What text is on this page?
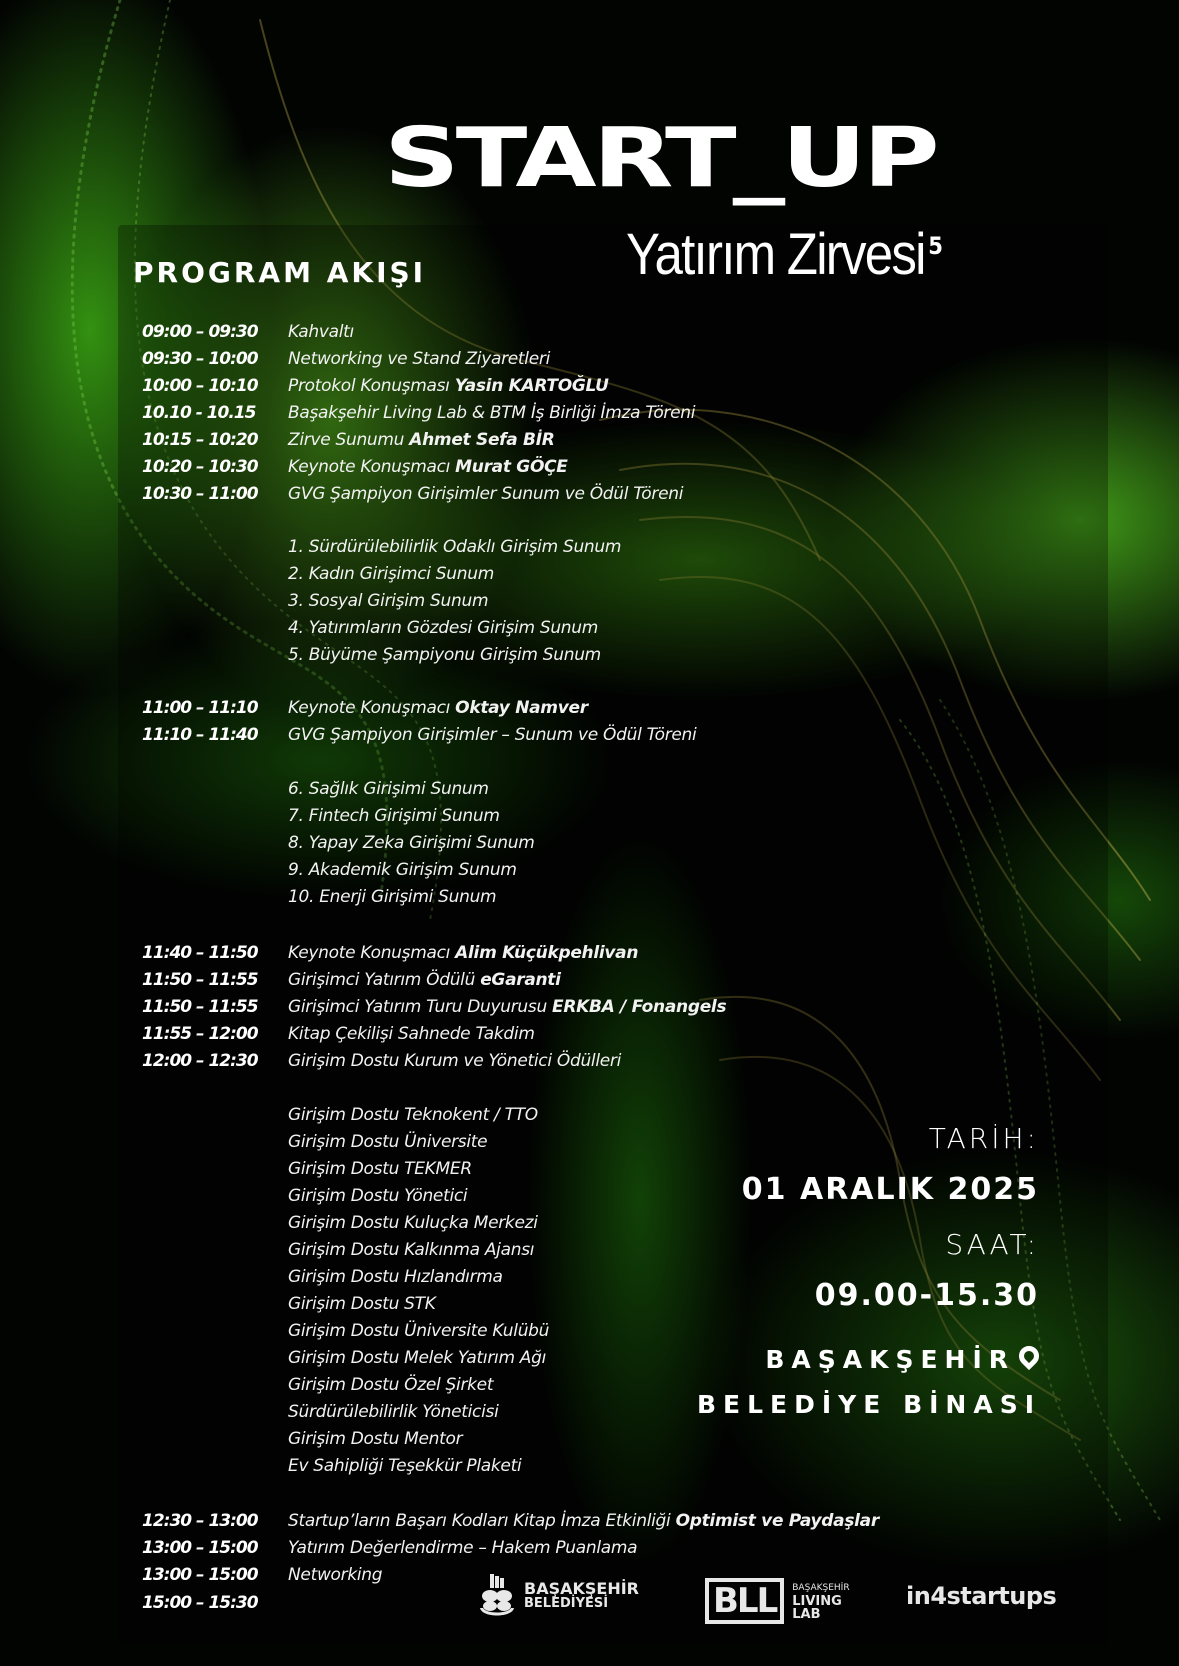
START_UP
Yatırım Zirvesi $^5$
PROGRAM AKIŞI
09:00 – 09:30 Kahvaltı
09:30 – 10:00 Networking ve Stand Ziyaretleri
10:00 – 10:10 Protokol Konuşması Yasin KARTOĞLU
10.10 - 10.15 Başakşehir Living Lab & BTM İş Birliği İmza Töreni
10:15 – 10:20 Zirve Sunumu Ahmet Sefa BİR
10:20 – 10:30 Keynote Konuşmacı Murat GÖÇE
10:30 – 11:00 GVG Şampiyon Girişimler Sunum ve Ödül Töreni
1. Sürdürülebilirlik Odaklı Girişim Sunum
2. Kadın Girişimci Sunum
3. Sosyal Girişim Sunum
4. Yatırımların Gözdesi Girişim Sunum
5. Büyüme Şampiyonu Girişim Sunum
11:00 – 11:10 Keynote Konuşmacı Oktay Namver
11:10 – 11:40 GVG Şampiyon Girişimler – Sunum ve Ödül Töreni
6. Sağlık Girişimi Sunum
7. Fintech Girişimi Sunum
8. Yapay Zeka Girişimi Sunum
9. Akademik Girişim Sunum
10. Enerji Girişimi Sunum
11:40 – 11:50 Keynote Konuşmacı Alim Küçükpehlivan
11:50 – 11:55 Girişimci Yatırım Ödülü eGaranti
11:50 – 11:55 Girişimci Yatırım Turu Duyurusu ERKBA / Fonangels
11:55 – 12:00 Kitap Çekilişi Sahnede Takdim
12:00 – 12:30 Girişim Dostu Kurum ve Yönetici Ödülleri
Girişim Dostu Teknokent / TTO
Girişim Dostu Üniversite
Girişim Dostu TEKMER
Girişim Dostu Yönetici
Girişim Dostu Kuluçka Merkezi
Girişim Dostu Kalkınma Ajansı
Girişim Dostu Hızlandırma
Girişim Dostu STK
Girişim Dostu Üniversite Kulübü
Girişim Dostu Melek Yatırım Ağı
Girişim Dostu Özel Şirket
Sürdürülebilirlik Yöneticisi
Girişim Dostu Mentor
Ev Sahipliği Teşekkür Plaketi
12:30 – 13:00 Startup’ların Başarı Kodları Kitap İmza Etkinliği Optimist ve Paydaşlar
13:00 – 15:00 Yatırım Değerlendirme – Hakem Puanlama
13:00 – 15:00 Networking
15:00 – 15:30
TARİH:
01 ARALIK 2025
SAAT:
09.00-15.30
BAŞAKŞEHİR
BELEDİYE BİNASI
BAŞAKŞEHİR
BELEDİYESİ	BLL	BAŞAKŞEHİR
LIVING
LAB
in4startups
